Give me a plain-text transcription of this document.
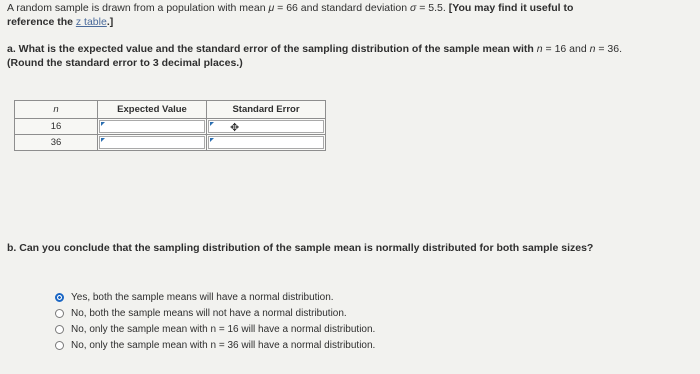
A random sample is drawn from a population with mean μ = 66 and standard deviation σ = 5.5. [You may find it useful to
reference the z table.]
a. What is the expected value and the standard error of the sampling distribution of the sample mean with n = 16 and n = 36.
(Round the standard error to 3 decimal places.)
n	Expected Value	Standard Error
16		✥

36	

b. Can you conclude that the sampling distribution of the sample mean is normally distributed for both sample sizes?
Yes, both the sample means will have a normal distribution.
No, both the sample means will not have a normal distribution.
No, only the sample mean with n = 16 will have a normal distribution.
No, only the sample mean with n = 36 will have a normal distribution.
